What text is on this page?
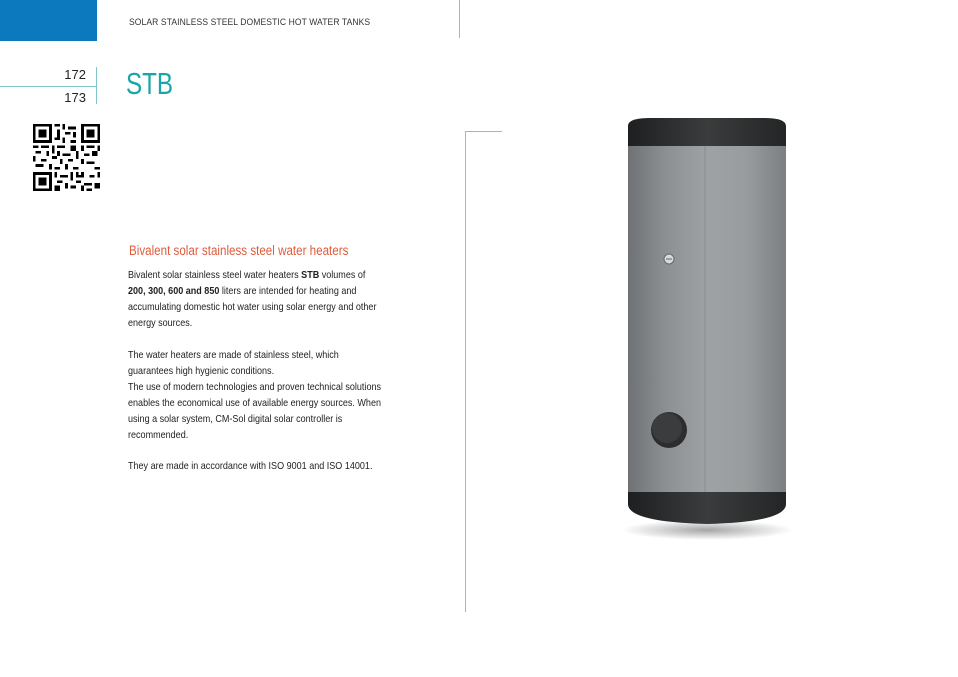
SOLAR STAINLESS STEEL DOMESTIC HOT WATER TANKS
172
173 STB
Bivalent solar stainless steel water heaters

Bivalent solar stainless steel water heaters STB volumes of 200, 300, 600 and 850 liters are intended for heating and accumulating domestic hot water using solar energy and other energy sources.

The water heaters are made of stainless steel, which guarantees high hygienic conditions.

The use of modern technologies and proven technical solutions enables the economical use of available energy sources. When using a solar system, CM-Sol digital solar controller is recommended.

They are made in accordance with ISO 9001 and ISO 14001.
